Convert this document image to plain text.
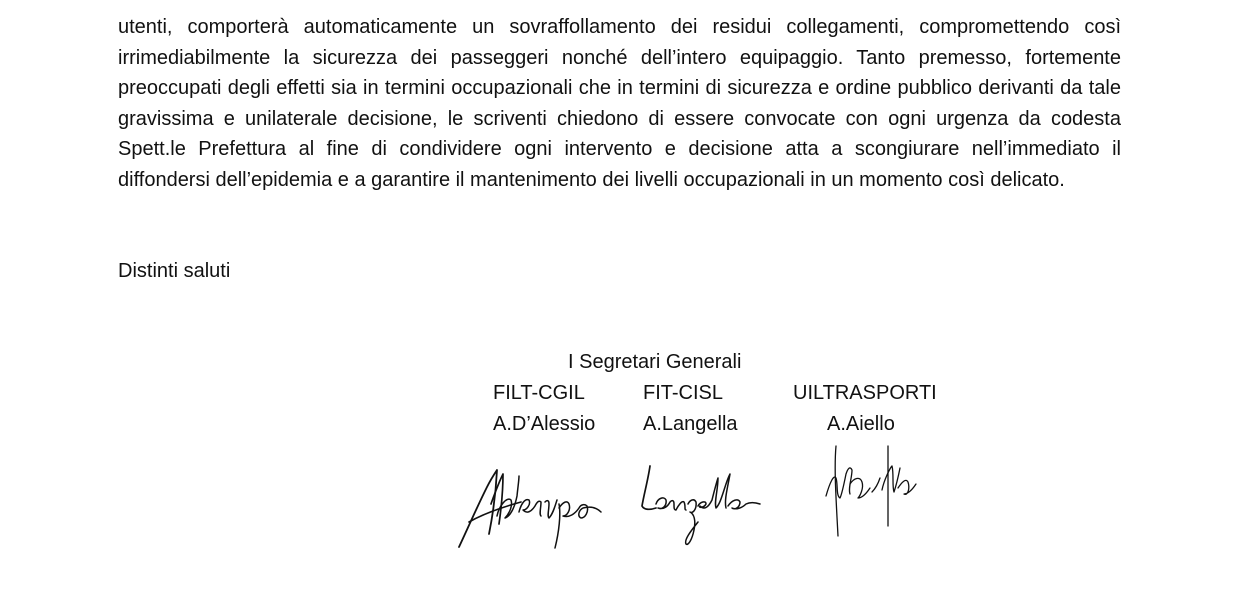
utenti, comporterà automaticamente un sovraffollamento dei residui collegamenti, compromettendo così irrimediabilmente la sicurezza dei passeggeri nonché dell’intero equipaggio. Tanto premesso, fortemente preoccupati degli effetti sia in termini occupazionali che in termini di sicurezza e ordine pubblico derivanti da tale gravissima e unilaterale decisione, le scriventi chiedono di essere convocate con ogni urgenza da codesta Spett.le Prefettura al fine di condividere ogni intervento e decisione atta a scongiurare nell’immediato il diffondersi dell’epidemia e a garantire il mantenimento dei livelli occupazionali in un momento così delicato.

Distinti saluti

I Segretari Generali

FILT-CGIL
A.D’Alessio
FIT-CISL
A.Langella
UILTRASPORTI
A.Aiello
